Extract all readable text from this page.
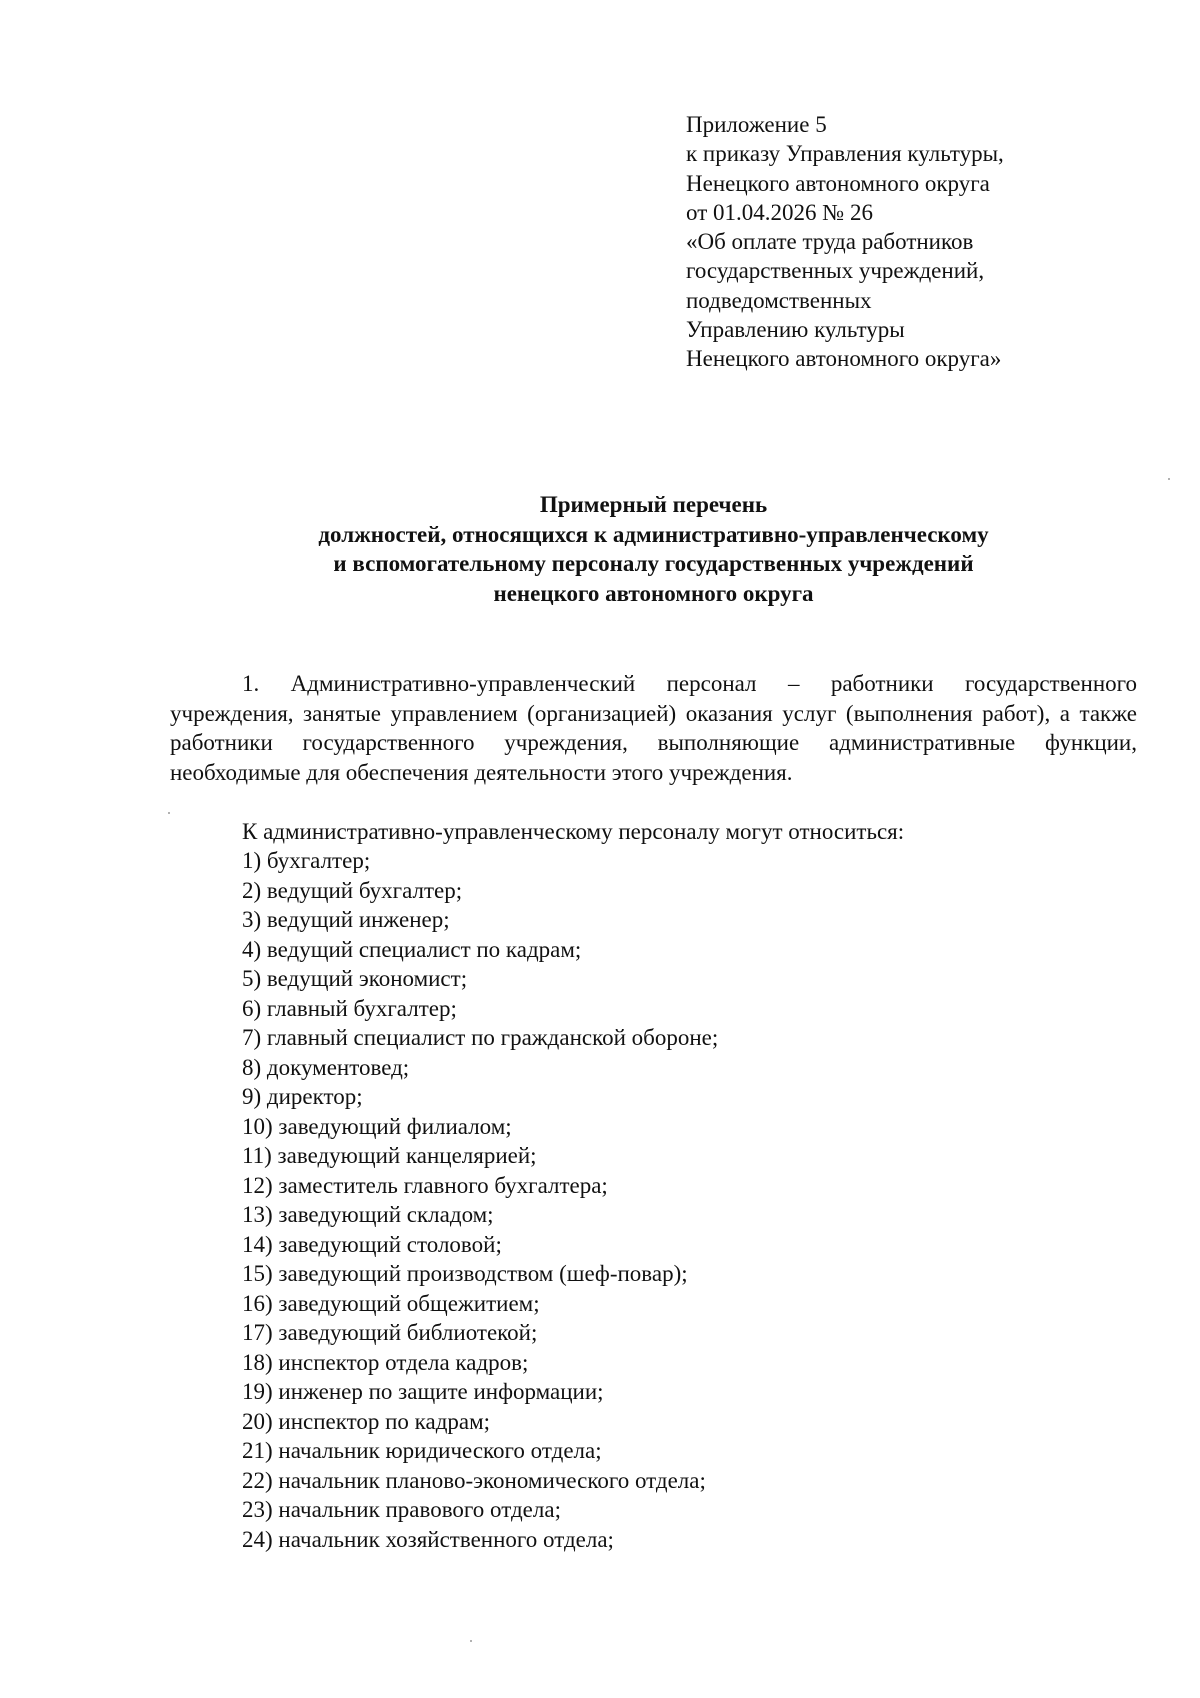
Приложение 5
к приказу Управления культуры,
Ненецкого автономного округа
от 01.04.2026 № 26
«Об оплате труда работников
государственных учреждений,
подведомственных
Управлению культуры
Ненецкого автономного округа»
Примерный перечень
должностей, относящихся к административно-управленческому
и вспомогательному персоналу государственных учреждений
ненецкого автономного округа

1. Административно-управленческий персонал – работники государственного учреждения, занятые управлением (организацией) оказания услуг (выполнения работ), а также работники государственного учреждения, выполняющие административные функции, необходимые для обеспечения деятельности этого учреждения.

К административно-управленческому персоналу могут относиться:
1) бухгалтер;
2) ведущий бухгалтер;
3) ведущий инженер;
4) ведущий специалист по кадрам;
5) ведущий экономист;
6) главный бухгалтер;
7) главный специалист по гражданской обороне;
8) документовед;
9) директор;
10) заведующий филиалом;
11) заведующий канцелярией;
12) заместитель главного бухгалтера;
13) заведующий складом;
14) заведующий столовой;
15) заведующий производством (шеф-повар);
16) заведующий общежитием;
17) заведующий библиотекой;
18) инспектор отдела кадров;
19) инженер по защите информации;
20) инспектор по кадрам;
21) начальник юридического отдела;
22) начальник планово-экономического отдела;
23) начальник правового отдела;
24) начальник хозяйственного отдела;
